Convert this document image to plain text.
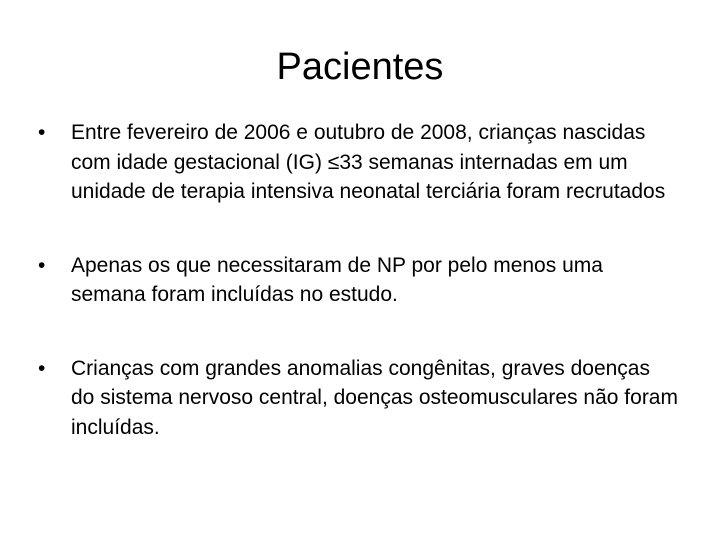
Pacientes
•	Entre fevereiro de 2006 e outubro de 2008, crianças nascidas com idade gestacional (IG) ≤33 semanas internadas em um unidade de terapia intensiva neonatal terciária foram recrutados
•	Apenas os que necessitaram de NP por pelo menos uma semana foram incluídas no estudo.
•	Crianças com grandes anomalias congênitas, graves doenças do sistema nervoso central, doenças osteomusculares não foram incluídas.
